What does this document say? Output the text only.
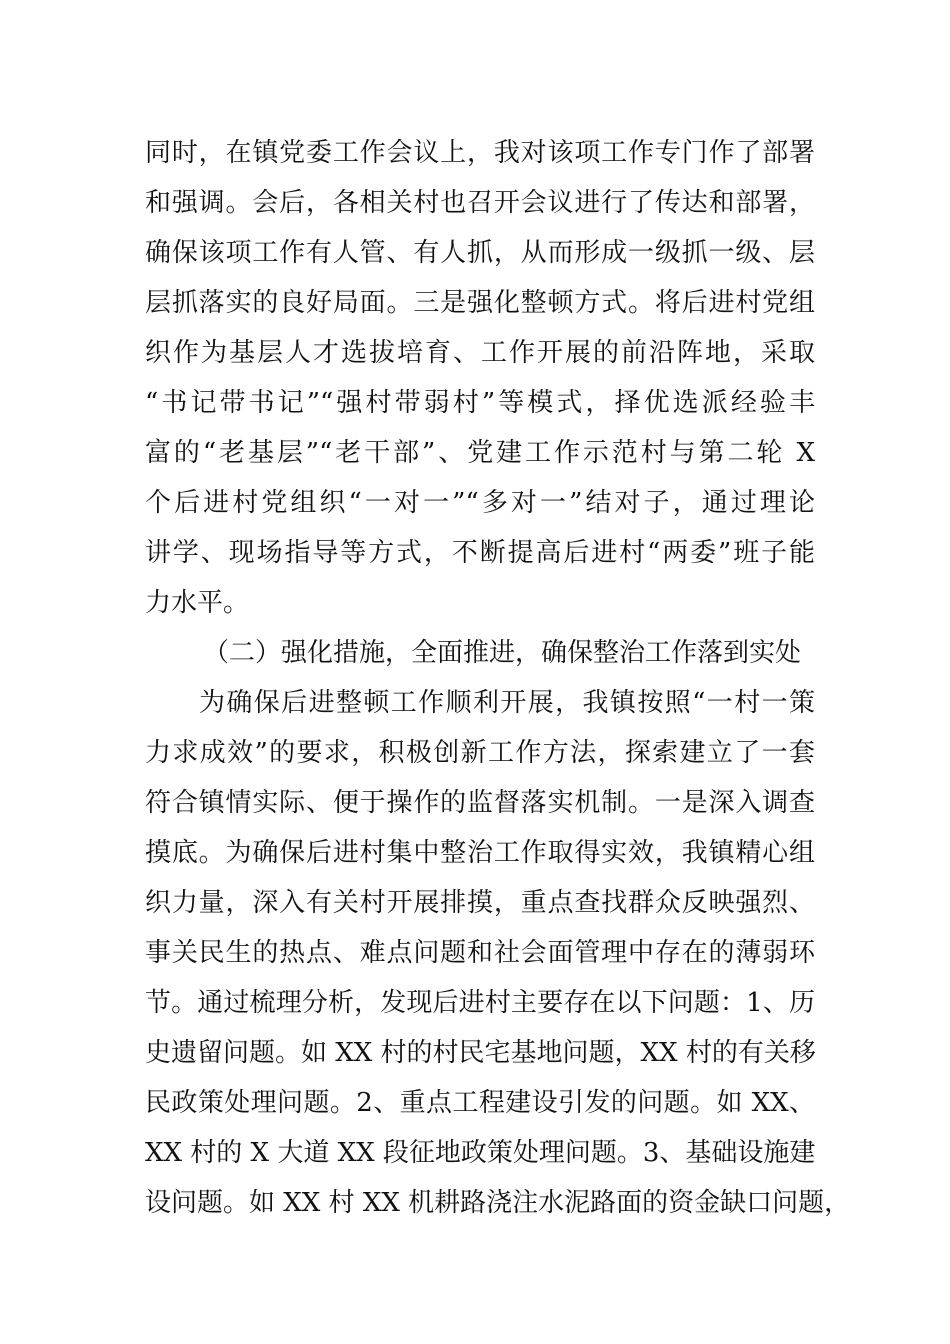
同时，在镇党委工作会议上，我对该项工作专门作了部署
和强调。会后，各相关村也召开会议进行了传达和部署，
确保该项工作有人管、有人抓，从而形成一级抓一级、层
层抓落实的良好局面。三是强化整顿方式。将后进村党组
织作为基层人才选拔培育、工作开展的前沿阵地，采取
“书记带书记”“强村带弱村”等模式，择优选派经验丰
富的“老基层”“老干部”、党建工作示范村与第二轮 X
个后进村党组织“一对一”“多对一”结对子，通过理论
讲学、现场指导等方式，不断提高后进村“两委”班子能
力水平。
（二）强化措施，全面推进，确保整治工作落到实处
为确保后进整顿工作顺利开展，我镇按照“一村一策
力求成效”的要求，积极创新工作方法，探索建立了一套
符合镇情实际、便于操作的监督落实机制。一是深入调查
摸底。为确保后进村集中整治工作取得实效，我镇精心组
织力量，深入有关村开展排摸，重点查找群众反映强烈、
事关民生的热点、难点问题和社会面管理中存在的薄弱环
节。通过梳理分析，发现后进村主要存在以下问题：1、历
史遗留问题。如 XX 村的村民宅基地问题，XX 村的有关移
民政策处理问题。2、重点工程建设引发的问题。如 XX、
XX 村的 X 大道 XX 段征地政策处理问题。3、基础设施建
设问题。如 XX 村 XX 机耕路浇注水泥路面的资金缺口问题，
